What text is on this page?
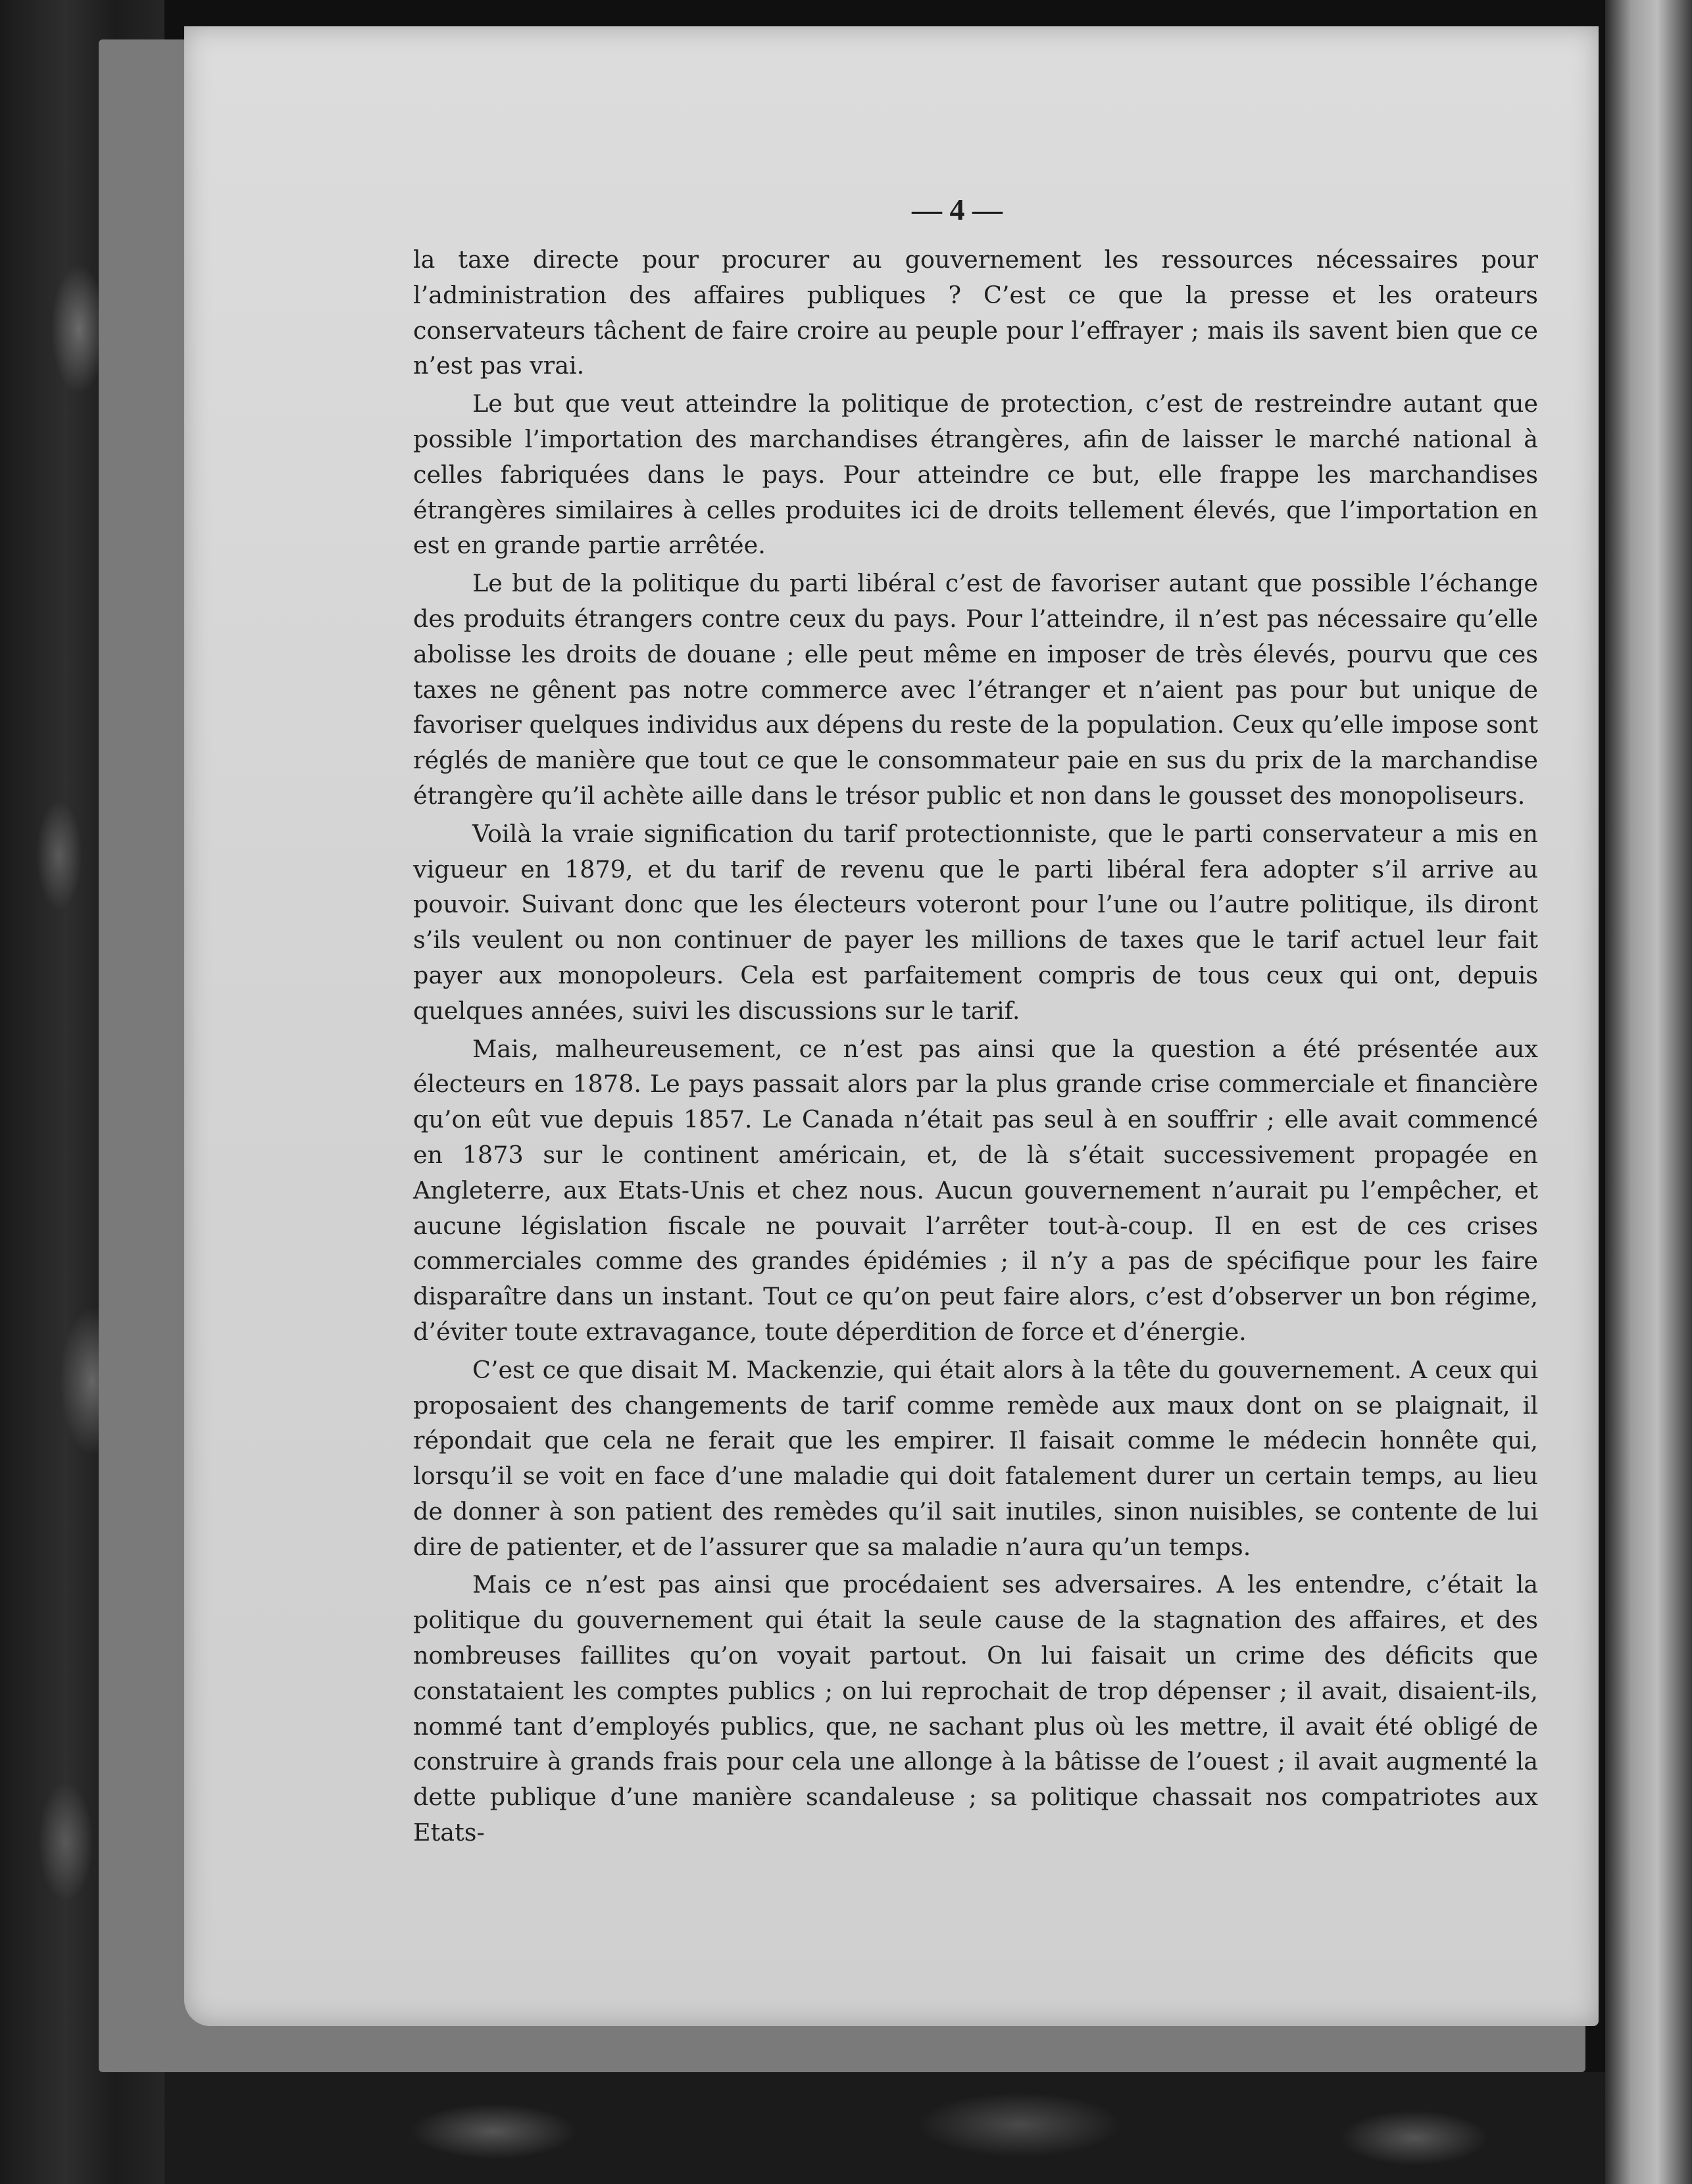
— 4 —

la taxe directe pour procurer au gouvernement les ressources nécessaires pour l’administration des affaires publiques ? C’est ce que la presse et les orateurs conservateurs tâchent de faire croire au peuple pour l’effrayer ; mais ils savent bien que ce n’est pas vrai.

Le but que veut atteindre la politique de protection, c’est de restreindre autant que possible l’importation des marchandises étrangères, afin de laisser le marché national à celles fabriquées dans le pays. Pour atteindre ce but, elle frappe les marchandises étrangères similaires à celles produites ici de droits tellement élevés, que l’importation en est en grande partie arrêtée.

Le but de la politique du parti libéral c’est de favoriser autant que possible l’échange des produits étrangers contre ceux du pays. Pour l’atteindre, il n’est pas nécessaire qu’elle abolisse les droits de douane ; elle peut même en imposer de très élevés, pourvu que ces taxes ne gênent pas notre commerce avec l’étranger et n’aient pas pour but unique de favoriser quelques individus aux dépens du reste de la population. Ceux qu’elle impose sont réglés de manière que tout ce que le consommateur paie en sus du prix de la marchandise étrangère qu’il achète aille dans le trésor public et non dans le gousset des monopoliseurs.

Voilà la vraie signification du tarif protectionniste, que le parti conservateur a mis en vigueur en 1879, et du tarif de revenu que le parti libéral fera adopter s’il arrive au pouvoir. Suivant donc que les électeurs voteront pour l’une ou l’autre politique, ils diront s’ils veulent ou non continuer de payer les millions de taxes que le tarif actuel leur fait payer aux monopoleurs. Cela est parfaitement compris de tous ceux qui ont, depuis quelques années, suivi les discussions sur le tarif.

Mais, malheureusement, ce n’est pas ainsi que la question a été présentée aux électeurs en 1878. Le pays passait alors par la plus grande crise commerciale et financière qu’on eût vue depuis 1857. Le Canada n’était pas seul à en souffrir ; elle avait commencé en 1873 sur le continent américain, et, de là s’était successivement propagée en Angleterre, aux Etats-Unis et chez nous. Aucun gouvernement n’aurait pu l’empêcher, et aucune législation fiscale ne pouvait l’arrêter tout-à-coup. Il en est de ces crises commerciales comme des grandes épidémies ; il n’y a pas de spécifique pour les faire disparaître dans un instant. Tout ce qu’on peut faire alors, c’est d’observer un bon régime, d’éviter toute extravagance, toute déperdition de force et d’énergie.

C’est ce que disait M. Mackenzie, qui était alors à la tête du gouvernement. A ceux qui proposaient des changements de tarif comme remède aux maux dont on se plaignait, il répondait que cela ne ferait que les empirer. Il faisait comme le médecin honnête qui, lorsqu’il se voit en face d’une maladie qui doit fatalement durer un certain temps, au lieu de donner à son patient des remèdes qu’il sait inutiles, sinon nuisibles, se contente de lui dire de patienter, et de l’assurer que sa maladie n’aura qu’un temps.

Mais ce n’est pas ainsi que procédaient ses adversaires. A les entendre, c’était la politique du gouvernement qui était la seule cause de la stagnation des affaires, et des nombreuses faillites qu’on voyait partout. On lui faisait un crime des déficits que constataient les comptes publics ; on lui reprochait de trop dépenser ; il avait, disaient-ils, nommé tant d’employés publics, que, ne sachant plus où les mettre, il avait été obligé de construire à grands frais pour cela une allonge à la bâtisse de l’ouest ; il avait augmenté la dette publique d’une manière scandaleuse ; sa politique chassait nos compatriotes aux Etats-
